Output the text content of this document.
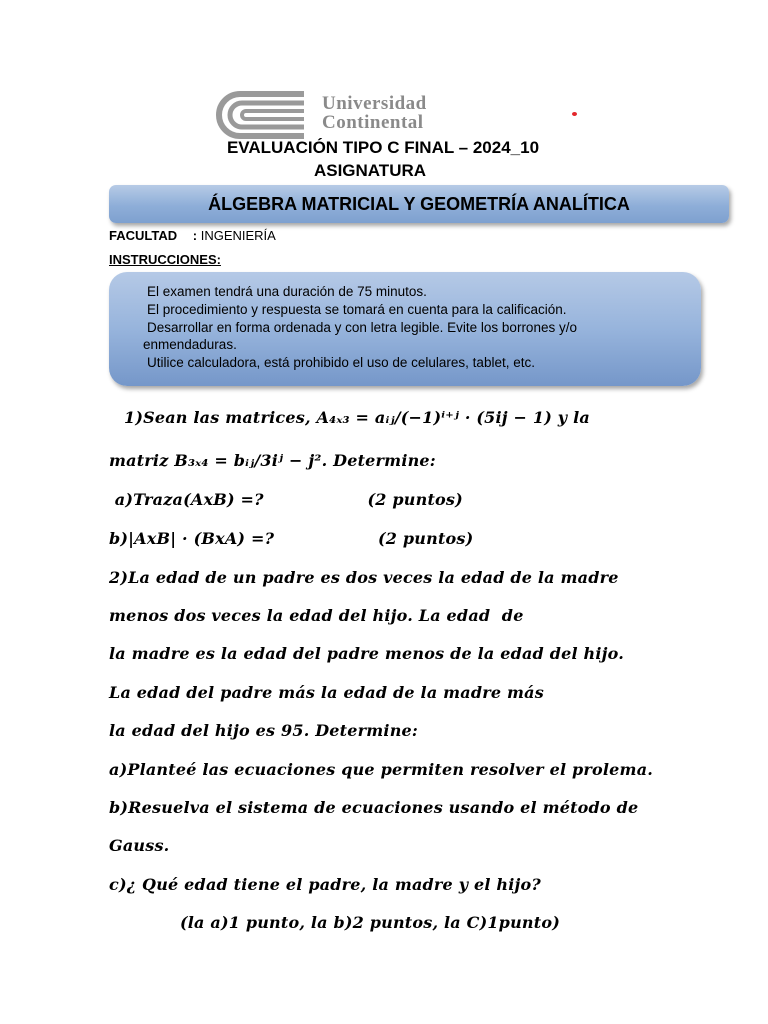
Universidad
Continental
EVALUACIÓN TIPO C FINAL – 2024_10
ASIGNATURA
ÁLGEBRA MATRICIAL Y GEOMETRÍA ANALÍTICA
FACULTAD : INGENIERÍA
INSTRUCCIONES:
El examen tendrá una duración de 75 minutos.
El procedimiento y respuesta se tomará en cuenta para la calificación.
Desarrollar en forma ordenada y con letra legible. Evite los borrones y/o
enmendaduras.
Utilice calculadora, está prohibido el uso de celulares, tablet, etc.
1)Sean las matrices, A₄ₓ₃ = aᵢⱼ/(−1)ⁱ⁺ʲ · (5ij − 1) y la
matriz B₃ₓ₄ = bᵢⱼ/3iʲ − j². Determine:
a)Traza(AxB) =?                  (2 puntos)
b)|AxB| · (BxA) =?                  (2 puntos)
2)La edad de un padre es dos veces la edad de la madre
menos dos veces la edad del hijo. La edad  de
la madre es la edad del padre menos de la edad del hijo.
La edad del padre más la edad de la madre más
la edad del hijo es 95. Determine:
a)Planteé las ecuaciones que permiten resolver el prolema.
b)Resuelva el sistema de ecuaciones usando el método de
Gauss.
c)¿ Qué edad tiene el padre, la madre y el hijo?
(la a)1 punto, la b)2 puntos, la C)1punto)
